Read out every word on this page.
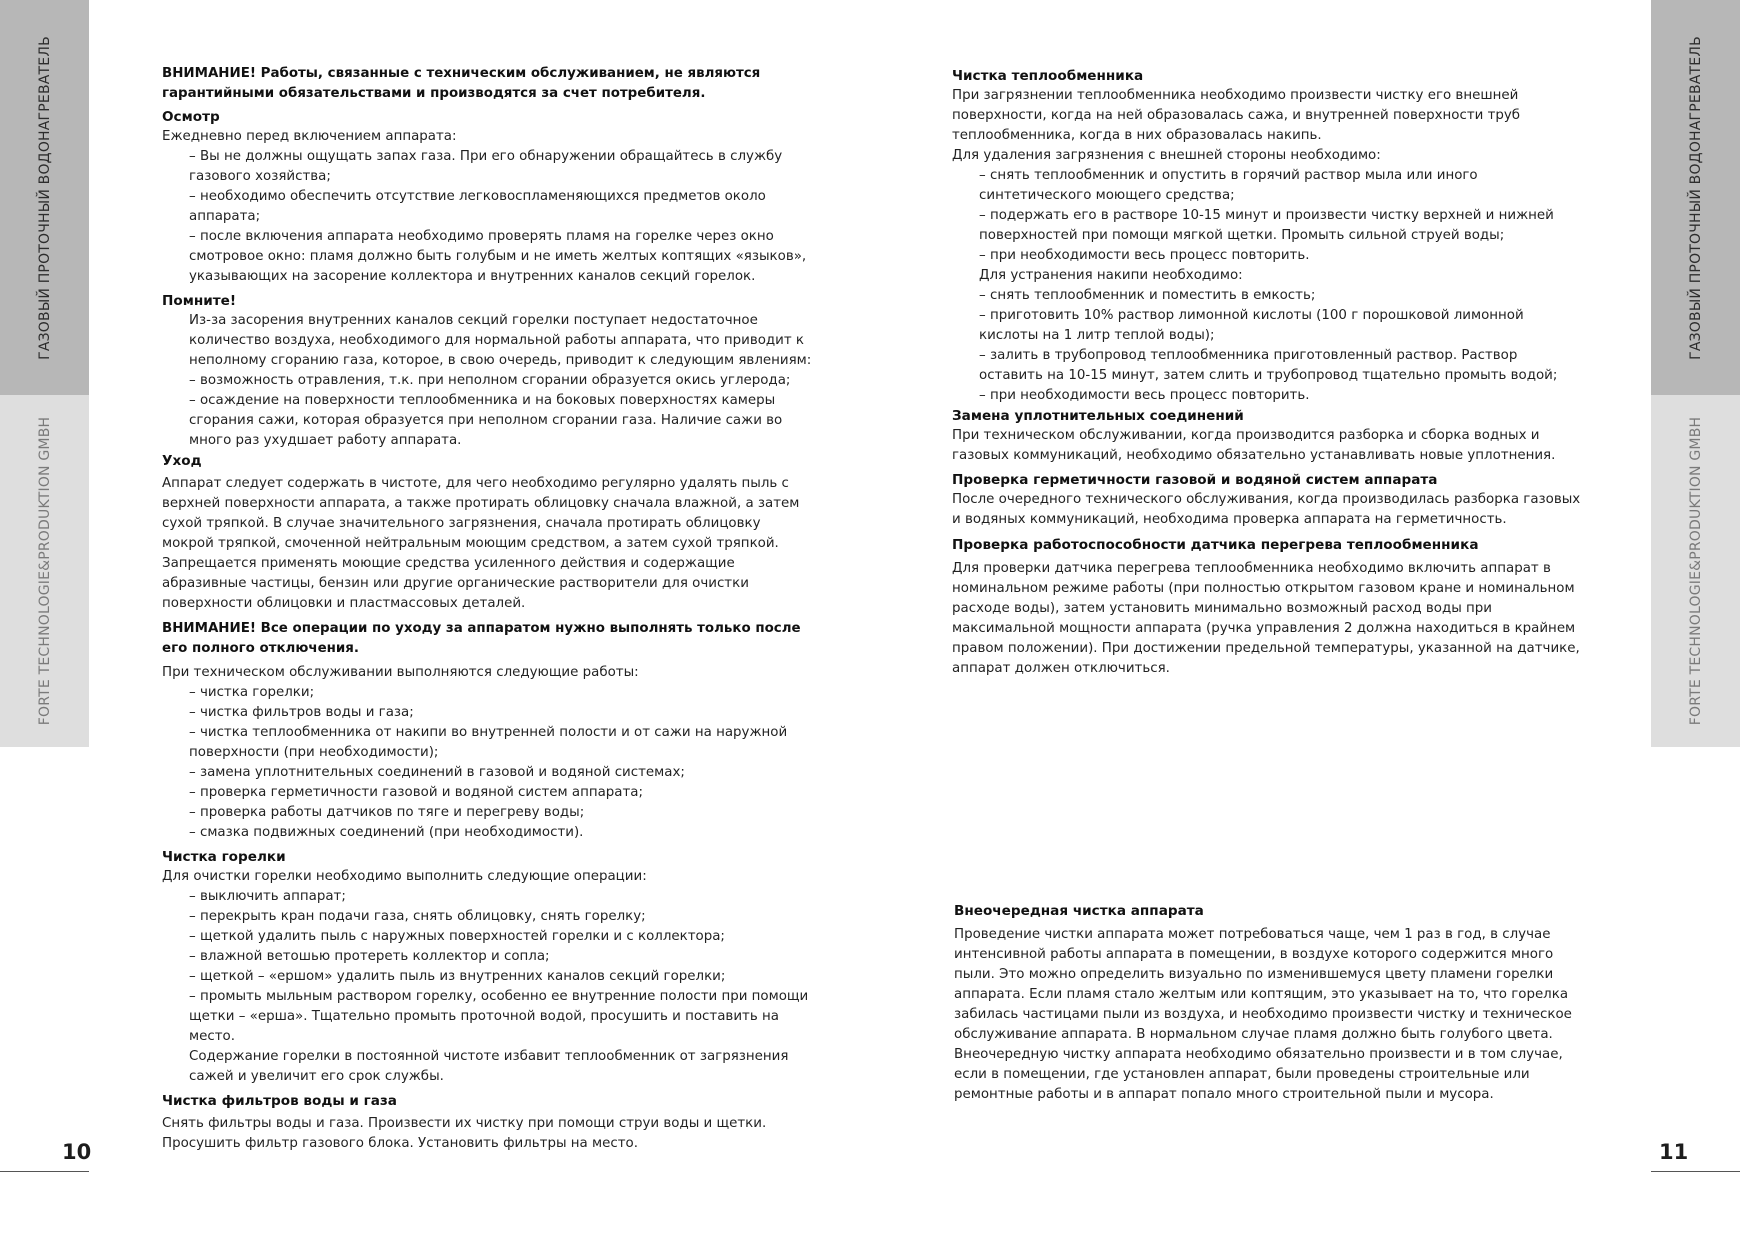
ГАЗОВЫЙ ПРОТОЧНЫЙ ВОДОНАГРЕВАТЕЛЬ
FORTE TECHNOLOGIE&PRODUKTION GMBH
ГАЗОВЫЙ ПРОТОЧНЫЙ ВОДОНАГРЕВАТЕЛЬ
FORTE TECHNOLOGIE&PRODUKTION GMBH
10	11

ВНИМАНИЕ! Работы, связанные с техническим обслуживанием, не являются гарантийными обязательствами и производятся за счет потребителя.

Осмотр

Ежедневно перед включением аппарата:

– Вы не должны ощущать запах газа. При его обнаружении обращайтесь в службу газового хозяйства;

– необходимо обеспечить отсутствие легковоспламеняющихся предметов около аппарата;

– после включения аппарата необходимо проверять пламя на горелке через окно смотровое окно: пламя должно быть голубым и не иметь желтых коптящих «языков», указывающих на засорение коллектора и внутренних каналов секций горелок.

Помните!

Из-за засорения внутренних каналов секций горелки поступает недостаточное количество воздуха, необходимого для нормальной работы аппарата, что приводит к неполному сгоранию газа, которое, в свою очередь, приводит к следующим явлениям:

– возможность отравления, т.к. при неполном сгорании образуется окись углерода;

– осаждение на поверхности теплообменника и на боковых поверхностях камеры сгорания сажи, которая образуется при неполном сгорании газа. Наличие сажи во много раз ухудшает работу аппарата.

Уход

Аппарат следует содержать в чистоте, для чего необходимо регулярно удалять пыль с верхней поверхности аппарата, а также протирать облицовку сначала влажной, а затем сухой тряпкой. В случае значительного загрязнения, сначала протирать облицовку мокрой тряпкой, смоченной нейтральным моющим средством, а затем сухой тряпкой.

Запрещается применять моющие средства усиленного действия и содержащие абразивные частицы, бензин или другие органические растворители для очистки поверхности облицовки и пластмассовых деталей.

ВНИМАНИЕ! Все операции по уходу за аппаратом нужно выполнять только после его полного отключения.

При техническом обслуживании выполняются следующие работы:

– чистка горелки;

– чистка фильтров воды и газа;

– чистка теплообменника от накипи во внутренней полости и от сажи на наружной поверхности (при необходимости);

– замена уплотнительных соединений в газовой и водяной системах;

– проверка герметичности газовой и водяной систем аппарата;

– проверка работы датчиков по тяге и перегреву воды;

– смазка подвижных соединений (при необходимости).

Чистка горелки

Для очистки горелки необходимо выполнить следующие операции:

– выключить аппарат;

– перекрыть кран подачи газа, снять облицовку, снять горелку;

– щеткой удалить пыль с наружных поверхностей горелки и с коллектора;

– влажной ветошью протереть коллектор и сопла;

– щеткой – «ершом» удалить пыль из внутренних каналов секций горелки;

– промыть мыльным раствором горелку, особенно ее внутренние полости при помощи щетки – «ерша». Тщательно промыть проточной водой, просушить и поставить на место.

Содержание горелки в постоянной чистоте избавит теплообменник от загрязнения сажей и увеличит его срок службы.

Чистка фильтров воды и газа

Снять фильтры воды и газа. Произвести их чистку при помощи струи воды и щетки. Просушить фильтр газового блока. Установить фильтры на место.

Чистка теплообменника

При загрязнении теплообменника необходимо произвести чистку его внешней поверхности, когда на ней образовалась сажа, и внутренней поверхности труб теплообменника, когда в них образовалась накипь.

Для удаления загрязнения с внешней стороны необходимо:

– снять теплообменник и опустить в горячий раствор мыла или иного синтетического моющего средства;

– подержать его в растворе 10-15 минут и произвести чистку верхней и нижней поверхностей при помощи мягкой щетки. Промыть сильной струей воды;

– при необходимости весь процесс повторить.

Для устранения накипи необходимо:

– снять теплообменник и поместить в емкость;

– приготовить 10% раствор лимонной кислоты (100 г порошковой лимонной кислоты на 1 литр теплой воды);

– залить в трубопровод теплообменника приготовленный раствор. Раствор оставить на 10-15 минут, затем слить и трубопровод тщательно промыть водой;

– при необходимости весь процесс повторить.

Замена уплотнительных соединений

При техническом обслуживании, когда производится разборка и сборка водных и газовых коммуникаций, необходимо обязательно устанавливать новые уплотнения.

Проверка герметичности газовой и водяной систем аппарата

После очередного технического обслуживания, когда производилась разборка газовых и водяных коммуникаций, необходима проверка аппарата на герметичность.

Проверка работоспособности датчика перегрева теплообменника

Для проверки датчика перегрева теплообменника необходимо включить аппарат в номинальном режиме работы (при полностью открытом газовом кране и номинальном расходе воды), затем установить минимально возможный расход воды при максимальной мощности аппарата (ручка управления 2 должна находиться в крайнем правом положении). При достижении предельной температуры, указанной на датчике, аппарат должен отключиться.

Внеочередная чистка аппарата

Проведение чистки аппарата может потребоваться чаще, чем 1 раз в год, в случае интенсивной работы аппарата в помещении, в воздухе которого содержится много пыли. Это можно определить визуально по изменившемуся цвету пламени горелки аппарата. Если пламя стало желтым или коптящим, это указывает на то, что горелка забилась частицами пыли из воздуха, и необходимо произвести чистку и техническое обслуживание аппарата. В нормальном случае пламя должно быть голубого цвета.

Внеочередную чистку аппарата необходимо обязательно произвести и в том случае, если в помещении, где установлен аппарат, были проведены строительные или ремонтные работы и в аппарат попало много строительной пыли и мусора.
